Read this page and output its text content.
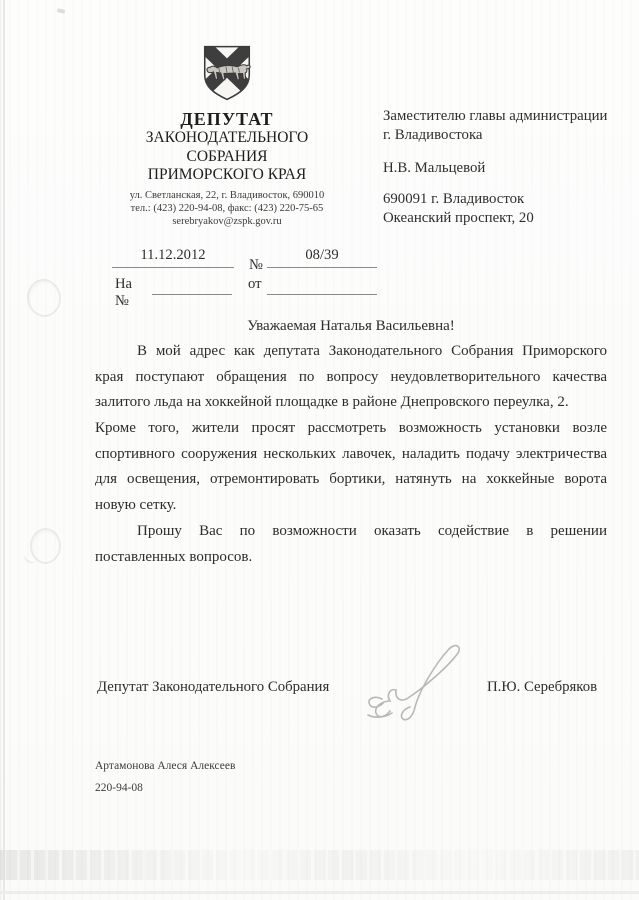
ДЕПУТАТ
ЗАКОНОДАТЕЛЬНОГО
СОБРАНИЯ
ПРИМОРСКОГО КРАЯ
ул. Светланская, 22, г. Владивосток, 690010
тел.: (423) 220-94-08, факс: (423) 220-75-65
serebryakov@zspk.gov.ru
Заместителю главы администрации
г. Владивостока
Н.В. Мальцевой
690091 г. Владивосток
Океанский проспект, 20
11.12.2012
№
08/39
На №
от
Уважаемая Наталья Васильевна!
В мой адрес как депутата Законодательного Собрания Приморского
края поступают обращения по вопросу неудовлетворительного качества
залитого льда на хоккейной площадке в районе Днепровского переулка, 2.
Кроме того, жители просят рассмотреть возможность установки возле
спортивного сооружения нескольких лавочек, наладить подачу электричества
для освещения, отремонтировать бортики, натянуть на хоккейные ворота
новую сетку.
Прошу Вас по возможности оказать содействие в решении
поставленных вопросов.
Депутат Законодательного Собрания	П.Ю. Серебряков
Артамонова Алеся Алексеев
220-94-08
